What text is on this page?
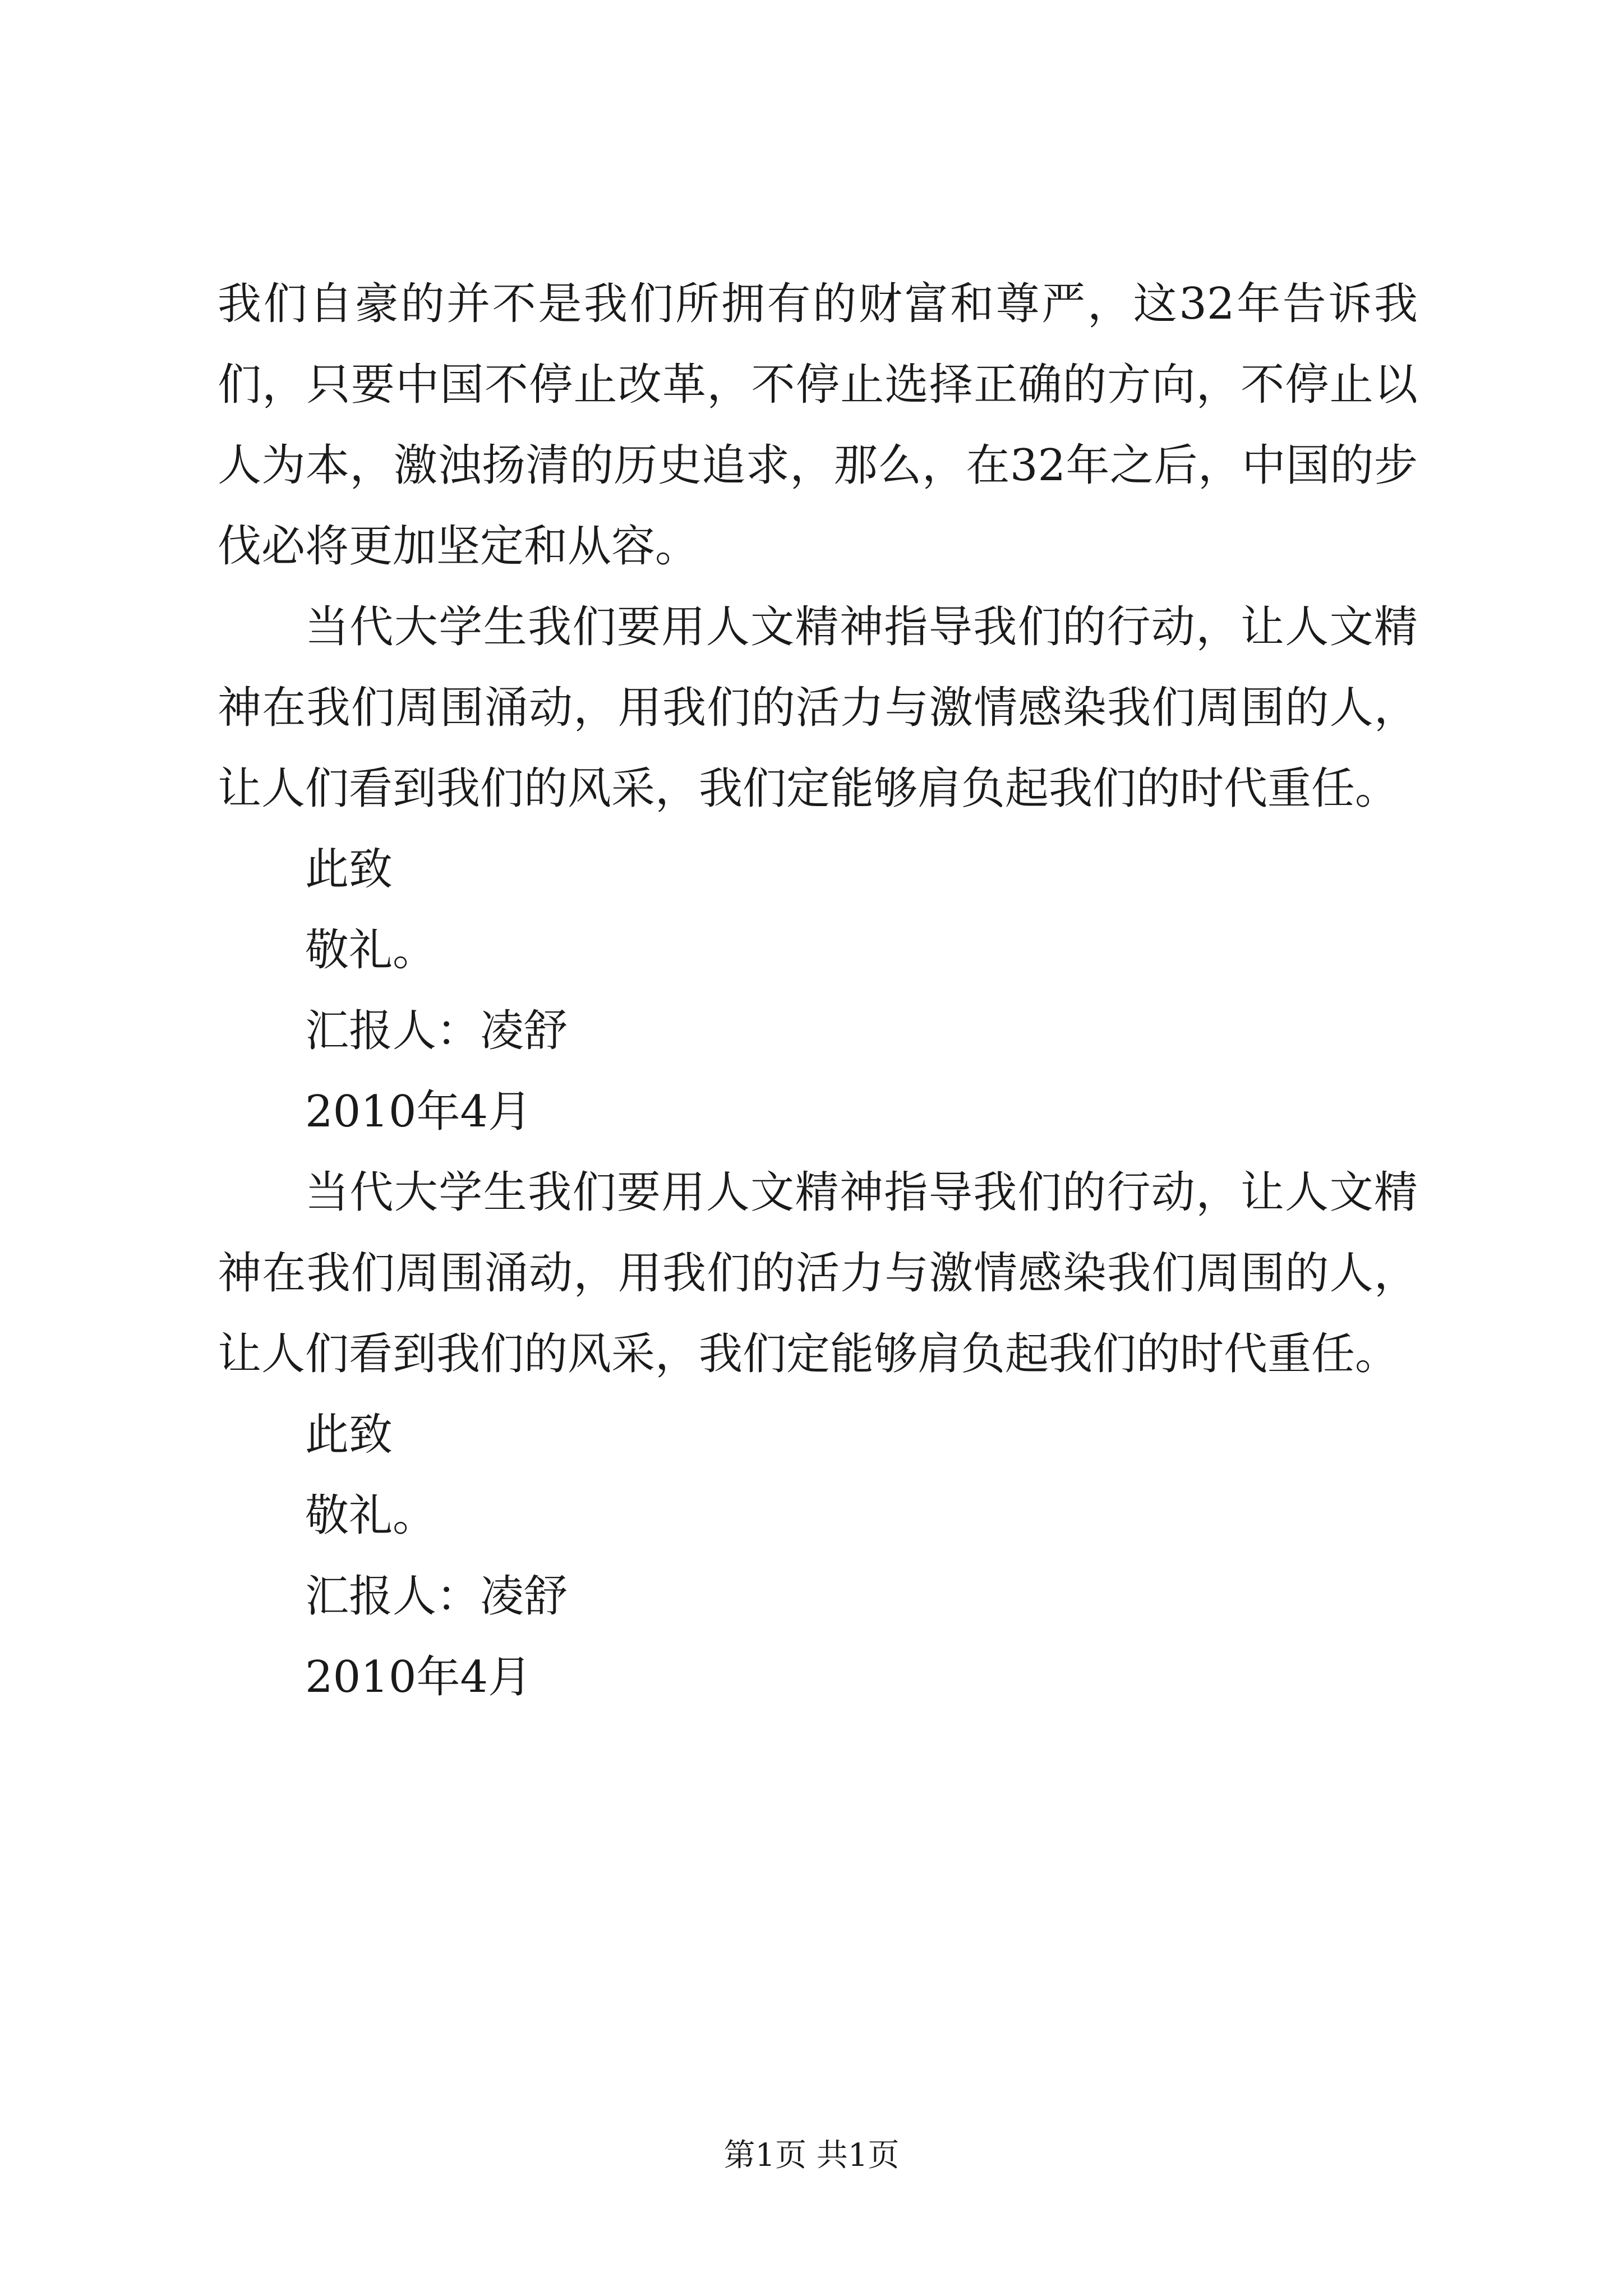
我们自豪的并不是我们所拥有的财富和尊严，这32年告诉我们，只要中国不停止改革，不停止选择正确的方向，不停止以人为本，激浊扬清的历史追求，那么，在32年之后，中国的步伐必将更加坚定和从容。

当代大学生我们要用人文精神指导我们的行动，让人文精神在我们周围涌动，用我们的活力与激情感染我们周围的人，让人们看到我们的风采，我们定能够肩负起我们的时代重任。

此致

敬礼。

汇报人：凌舒

2010年4月

当代大学生我们要用人文精神指导我们的行动，让人文精神在我们周围涌动，用我们的活力与激情感染我们周围的人，让人们看到我们的风采，我们定能够肩负起我们的时代重任。

此致

敬礼。

汇报人：凌舒

2010年4月

第1页 共1页
